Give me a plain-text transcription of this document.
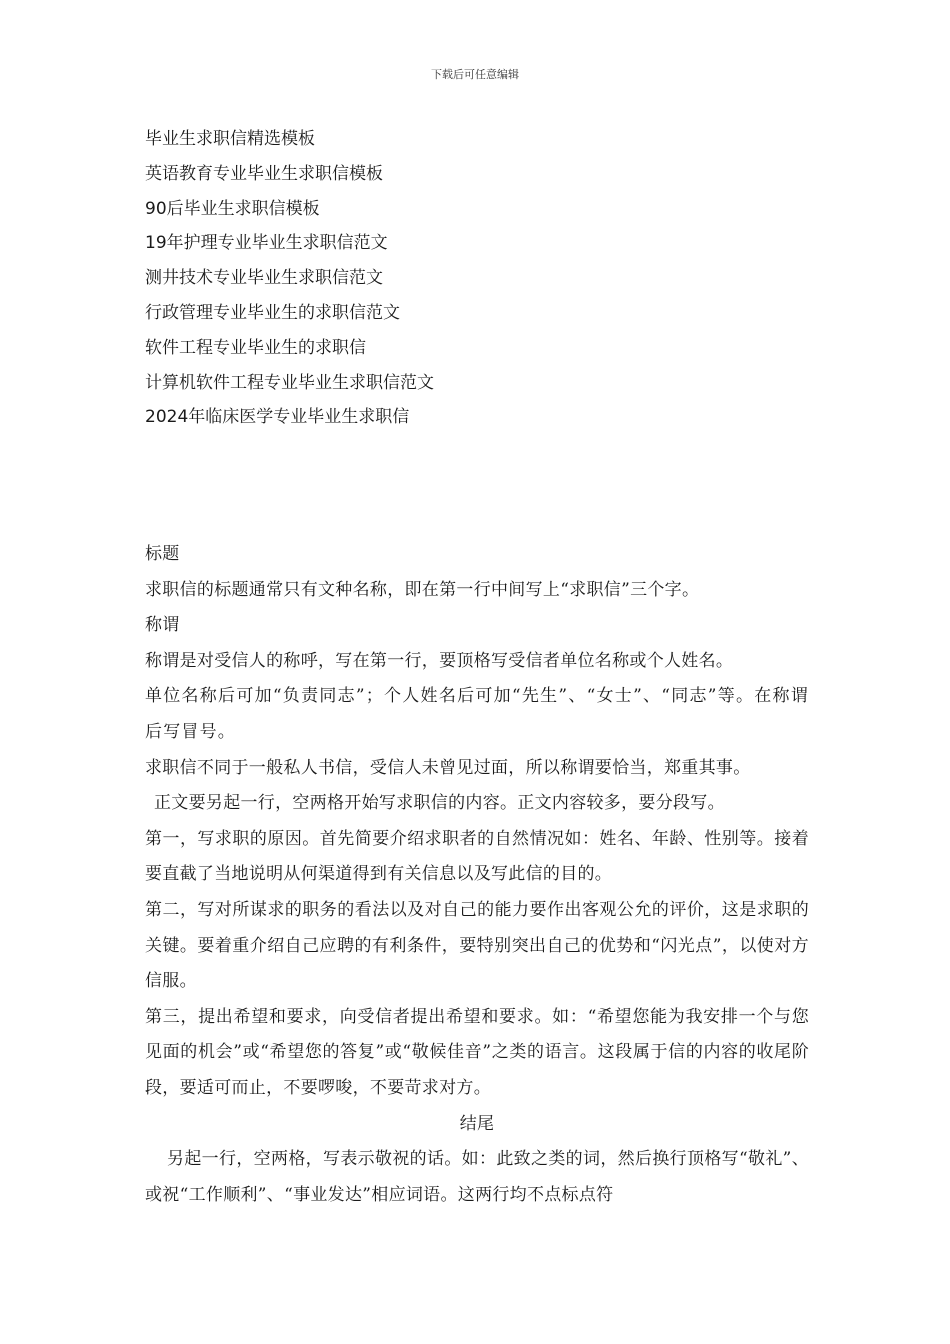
下载后可任意编辑
毕业生求职信精选模板
英语教育专业毕业生求职信模板
90后毕业生求职信模板
19年护理专业毕业生求职信范文
测井技术专业毕业生求职信范文
行政管理专业毕业生的求职信范文
软件工程专业毕业生的求职信
计算机软件工程专业毕业生求职信范文
2024年临床医学专业毕业生求职信

标题

求职信的标题通常只有文种名称，即在第一行中间写上“求职信”三个字。

称谓

称谓是对受信人的称呼，写在第一行，要顶格写受信者单位名称或个人姓名。

单位名称后可加“负责同志”；个人姓名后可加“先生”、“女士”、“同志”等。在称谓后写冒号。

求职信不同于一般私人书信，受信人未曾见过面，所以称谓要恰当，郑重其事。

正文要另起一行，空两格开始写求职信的内容。正文内容较多，要分段写。

第一，写求职的原因。首先简要介绍求职者的自然情况如：姓名、年龄、性别等。接着要直截了当地说明从何渠道得到有关信息以及写此信的目的。

第二，写对所谋求的职务的看法以及对自己的能力要作出客观公允的评价，这是求职的关键。要着重介绍自己应聘的有利条件，要特别突出自己的优势和“闪光点”，以使对方信服。

第三，提出希望和要求，向受信者提出希望和要求。如：“希望您能为我安排一个与您见面的机会”或“希望您的答复”或“敬候佳音”之类的语言。这段属于信的内容的收尾阶段，要适可而止，不要啰唆，不要苛求对方。

结尾

另起一行，空两格，写表示敬祝的话。如：此致之类的词，然后换行顶格写“敬礼”、或祝“工作顺利”、“事业发达”相应词语。这两行均不点标点符
